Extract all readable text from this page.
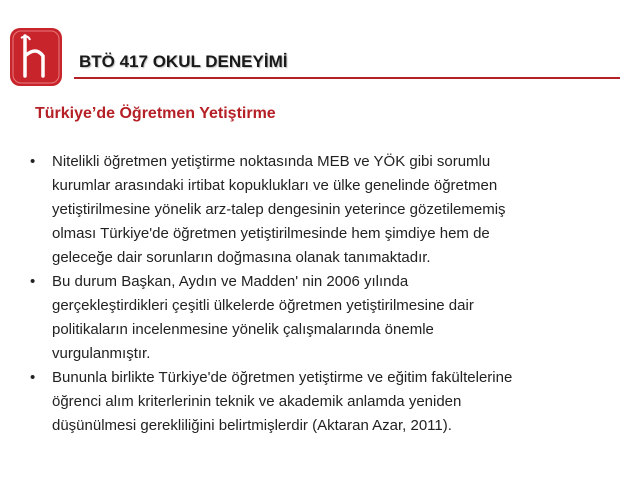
BTÖ 417 OKUL DENEYİMİ
Türkiye’de Öğretmen Yetiştirme
• Nitelikli öğretmen yetiştirme noktasında MEB ve YÖK gibi sorumlu
kurumlar arasındaki irtibat kopuklukları ve ülke genelinde öğretmen
yetiştirilmesine yönelik arz-talep dengesinin yeterince gözetilememiş
olması Türkiye'de öğretmen yetiştirilmesinde hem şimdiye hem de
geleceğe dair sorunların doğmasına olanak tanımaktadır.
• Bu durum Başkan, Aydın ve Madden' nin 2006 yılında
gerçekleştirdikleri çeşitli ülkelerde öğretmen yetiştirilmesine dair
politikaların incelenmesine yönelik çalışmalarında önemle
vurgulanmıştır.
• Bununla birlikte Türkiye'de öğretmen yetiştirme ve eğitim fakültelerine
öğrenci alım kriterlerinin teknik ve akademik anlamda yeniden
düşünülmesi gerekliliğini belirtmişlerdir (Aktaran Azar, 2011).
